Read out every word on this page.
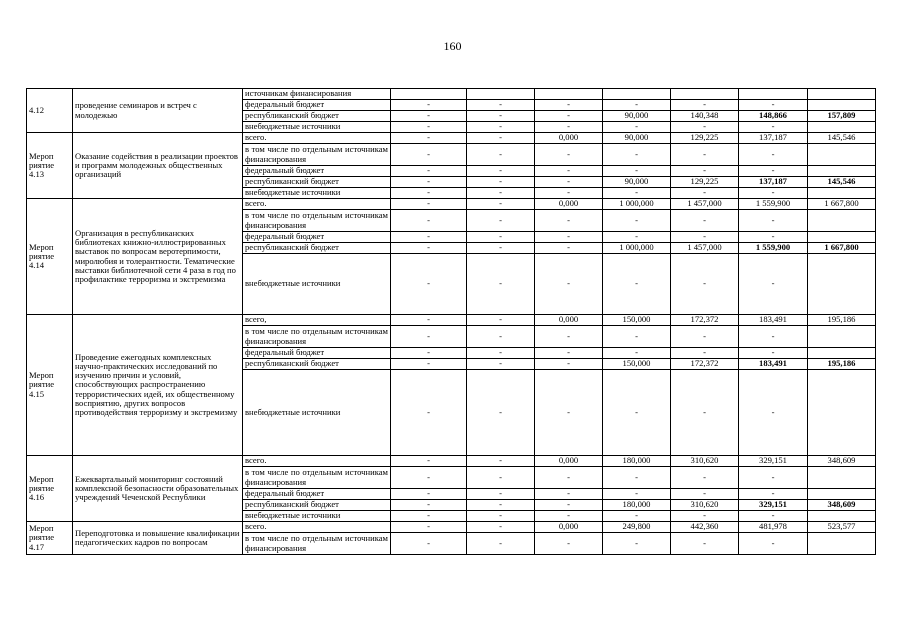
160
4.12	проведение семинаров и встреч с молодежью	источникам финансирования							
		федеральный бюджет	-	-	-	-	-	-	
		республиканский бюджет	-	-	-	90,000	140,348	148,866	157,809
		внебюджетные источники	-	-	-	-	-	-	
Мероп риятие 4.13	Оказание содействия в реализации проектов и программ молодежных общественных организаций	всего.	-	-	0,000	90,000	129,225	137,187	145,546
		в том числе по отдельным источникам финансирования	-	-	-	-	-	-	
		федеральный бюджет	-	-	-	-	-	-	
		республиканский бюджет	-	-	-	90,000	129,225	137,187	145,546
		внебюджетные источники	-	-	-	-	-	-	
Мероп риятие 4.14	Организация в республиканских библиотеках книжно-иллюстрированных выставок по вопросам веротерпимости, миролюбия и толерантности. Тематические выставки библиотечной сети 4 раза в год по профилактике терроризма и экстремизма	всего.	-	-	0,000	1 000,000	1 457,000	1 559,900	1 667,800
		в том числе по отдельным источникам финансирования	-	-	-	-	-	-	
		федеральный бюджет	-	-	-	-	-	-	
		республиканский бюджет	-	-	-	1 000,000	1 457,000	1 559,900	1 667,800
		внебюджетные источники	-	-	-	-	-	-	
Мероп риятие 4.15	Проведение ежегодных комплексных научно-практических исследований по изучению причин и условий, способствующих распространению террористических идей, их общественному восприятию, других вопросов противодействия терроризму и экстремизму	всего,	-	-	0,000	150,000	172,372	183,491	195,186
		в том числе по отдельным источникам финансирования	-	-	-	-	-	-	
		федеральный бюджет	-	-	-	-	-	-	
		республиканский бюджет	-	-	-	150,000	172,372	183,491	195,186
		внебюджетные источники	-	-	-	-	-	-	
Мероп риятие 4.16	Ежеквартальный мониторинг состояний комплексной безопасности образовательных учреждений Чеченской Республики	всего.	-	-	0,000	180,000	310,620	329,151	348,609
		в том числе по отдельным источникам финансирования	-	-	-	-	-	-	
		федеральный бюджет	-	-	-	-	-	-	
		республиканский бюджет	-	-	-	180,000	310,620	329,151	348,609
		внебюджетные источники	-	-	-	-	-	-	
Мероп риятие 4.17	Переподготовка и повышение квалификации педагогических кадров по вопросам	всего.	-	-	0,000	249,800	442,360	481,978	523,577
		в том числе по отдельным источникам финансирования	-	-	-	-	-	-	
